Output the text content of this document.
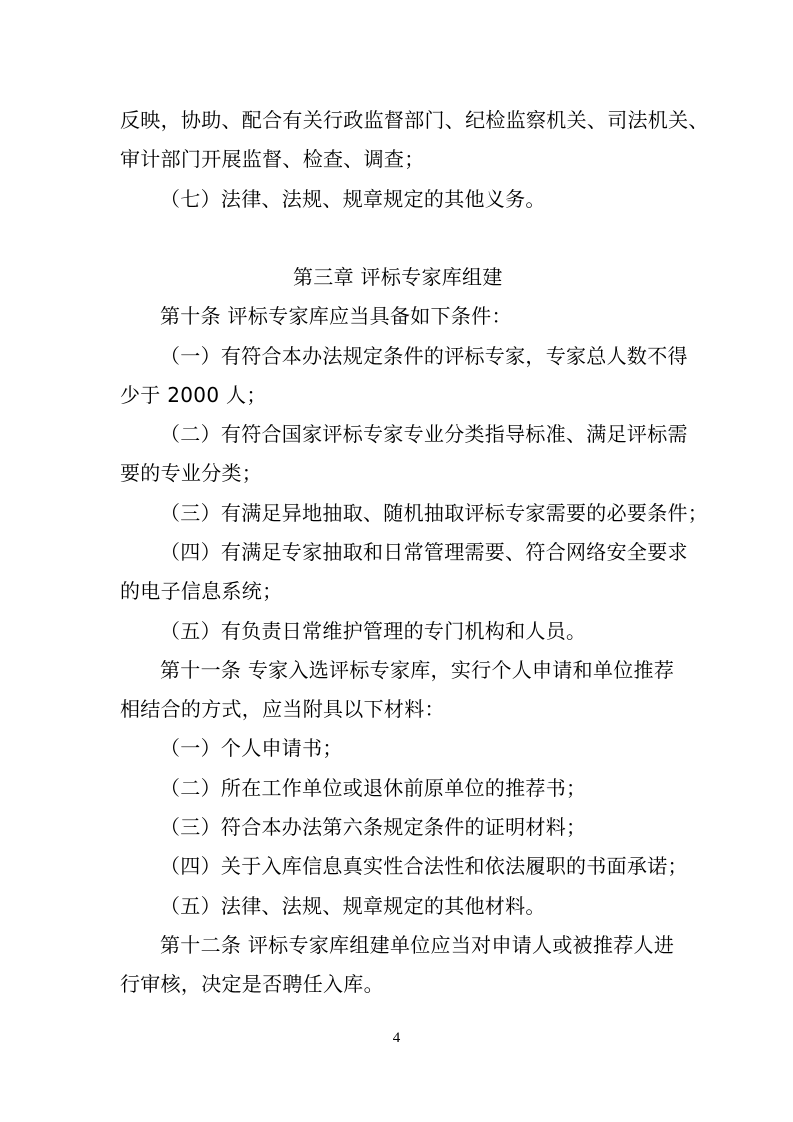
反映，协助、配合有关行政监督部门、纪检监察机关、司法机关、
审计部门开展监督、检查、调查；
（七）法律、法规、规章规定的其他义务。
第三章 评标专家库组建
第十条 评标专家库应当具备如下条件：
（一）有符合本办法规定条件的评标专家，专家总人数不得
少于 2000 人；
（二）有符合国家评标专家专业分类指导标准、满足评标需
要的专业分类；
（三）有满足异地抽取、随机抽取评标专家需要的必要条件；
（四）有满足专家抽取和日常管理需要、符合网络安全要求
的电子信息系统；
（五）有负责日常维护管理的专门机构和人员。
第十一条 专家入选评标专家库，实行个人申请和单位推荐
相结合的方式，应当附具以下材料：
（一）个人申请书；
（二）所在工作单位或退休前原单位的推荐书；
（三）符合本办法第六条规定条件的证明材料；
（四）关于入库信息真实性合法性和依法履职的书面承诺；
（五）法律、法规、规章规定的其他材料。
第十二条 评标专家库组建单位应当对申请人或被推荐人进
行审核，决定是否聘任入库。
4
